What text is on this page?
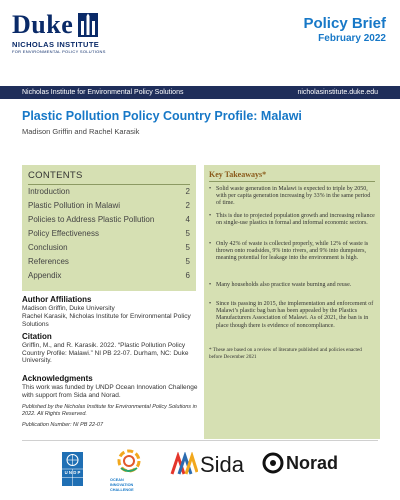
Duke
NICHOLAS INSTITUTE
FOR ENVIRONMENTAL POLICY SOLUTIONS
Policy Brief
February 2022
Nicholas Institute for Environmental Policy Solutions	nicholasinstitute.duke.edu
Plastic Pollution Policy Country Profile: Malawi
Madison Griffin and Rachel Karasik
CONTENTS
Introduction	2
Plastic Pollution in Malawi	2
Policies to Address Plastic Pollution	4
Policy Effectiveness	5
Conclusion	5
References	5
Appendix	6
Author Affiliations
Madison Griffin, Duke University
Rachel Karasik, Nicholas Institute for Environmental Policy Solutions
Citation
Griffin, M., and R. Karasik. 2022. “Plastic Pollution Policy Country Profile: Malawi.” NI PB 22-07. Durham, NC: Duke University.
Acknowledgments
This work was funded by UNDP Ocean Innovation Challenge with support from Sida and Norad.
Published by the Nicholas Institute for Environmental Policy Solutions in 2022. All Rights Reserved.
Publication Number: NI PB 22-07
Key Takeaways*
• Solid waste generation in Malawi is expected to triple by 2050, with per capita generation increasing by 33% in the same period of time.
• This is due to projected population growth and increasing reliance on single-use plastics in formal and informal economic sectors.
• Only 42% of waste is collected properly, while 12% of waste is thrown onto roadsides, 9% into rivers, and 9% into dumpsters, meaning potential for leakage into the environment is high.
• Many households also practice waste burning and reuse.
• Since its passing in 2015, the implementation and enforcement of Malawi’s plastic bag ban has been appealed by the Plastics Manufacturers Association of Malawi. As of 2021, the ban is in place though there is evidence of noncompliance.
* These are based on a review of literature published and policies enacted before December 2021
U N D P
OCEAN
INNOVATION
CHALLENGE
Sida Norad
